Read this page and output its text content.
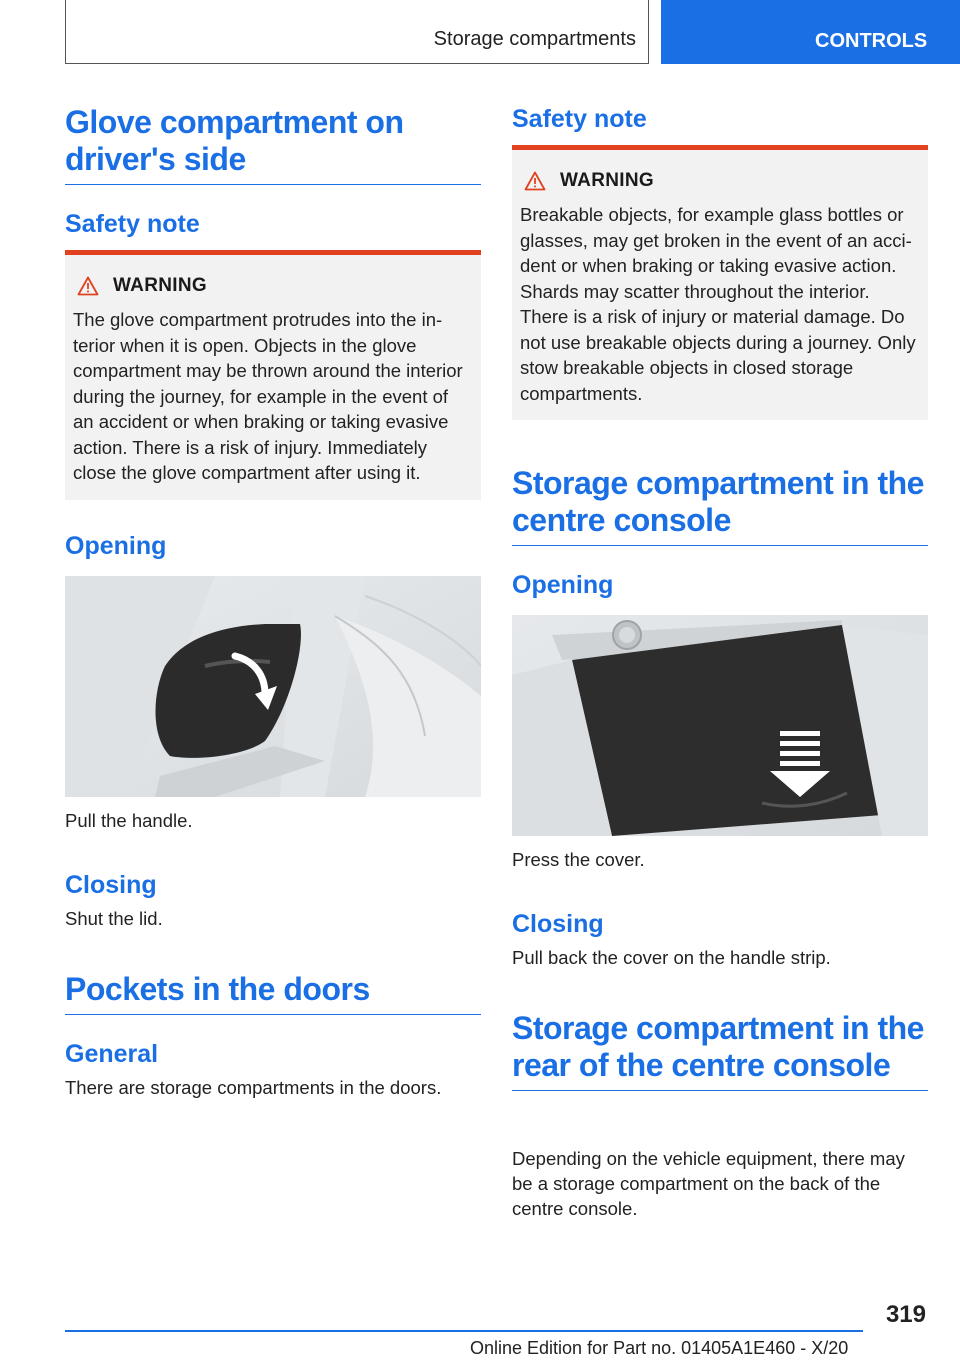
Storage compartments	CONTROLS
Glove compartment on driver's side
Safety note
WARNING
The glove compartment protrudes into the interior when it is open. Objects in the glove compartment may be thrown around the interior during the journey, for example in the event of an accident or when braking or taking evasive action. There is a risk of injury. Immediately close the glove compartment after using it.
Opening
Pull the handle.
Closing
Shut the lid.
Pockets in the doors
General
There are storage compartments in the doors.
Safety note
WARNING
Breakable objects, for example glass bottles or glasses, may get broken in the event of an accident or when braking or taking evasive action. Shards may scatter throughout the interior. There is a risk of injury or material damage. Do not use breakable objects during a journey. Only stow breakable objects in closed storage compartments.
Storage compartment in the centre console
Opening
Press the cover.
Closing
Pull back the cover on the handle strip.
Storage compartment in the rear of the centre console
Depending on the vehicle equipment, there may be a storage compartment on the back of the centre console.
319
Online Edition for Part no. 01405A1E460 - X/20
